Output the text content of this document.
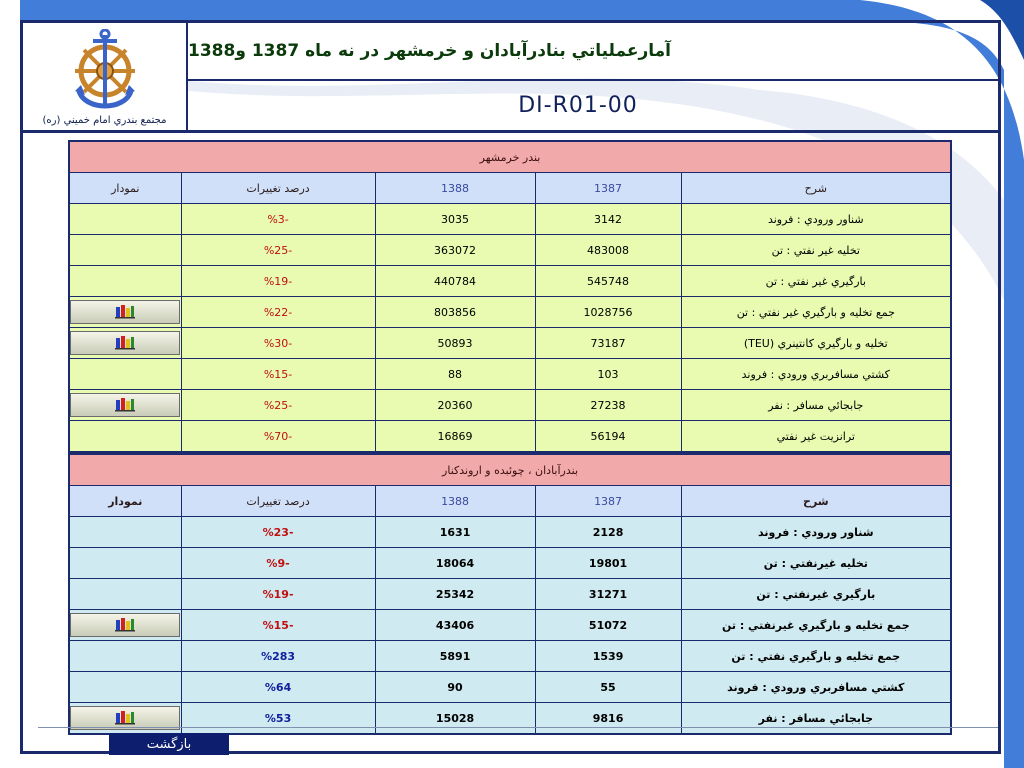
مجتمع بندري امام خميني (ره)
آمارعملياتي بنادرآبادان و خرمشهر در نه ماه 1387 و1388
DI-R01-00
بندر خرمشهر				
شرح	1387	1388	درصد تغييرات	نمودار
شناور ورودي : فروند	3142	3035	-%3	
تخليه غير نفتي : تن	483008	363072	-%25	
بارگيري غير نفتي : تن	545748	440784	-%19	
جمع تخليه و بارگيري غير نفتي : تن	1028756	803856	-%22	

تخليه و بارگيري كانتينري (TEU)	73187	50893	-%30	

كشتي مسافربري ورودي : فروند	103	88	-%15	
جابجائي مسافر : نفر	27238	20360	-%25	

ترانزيت غير نفتي	56194	16869	-%70	
بندرآبادان ، چوئبده و اروندكنار				
شرح	1387	1388	درصد تغييرات	نمودار
شناور ورودي : فروند	2128	1631	-%23	
تخليه غيرنفتي : تن	19801	18064	-%9	
بارگيري غيرنفتي : تن	31271	25342	-%19	
جمع تخليه و بارگيري غيرنفتي : تن	51072	43406	-%15	

جمع تخليه و بارگيري نفتي : تن	1539	5891	%283	
كشتي مسافربري ورودي : فروند	55	90	%64	
جابجائي مسافر : نفر	9816	15028	%53	
بازگشت
